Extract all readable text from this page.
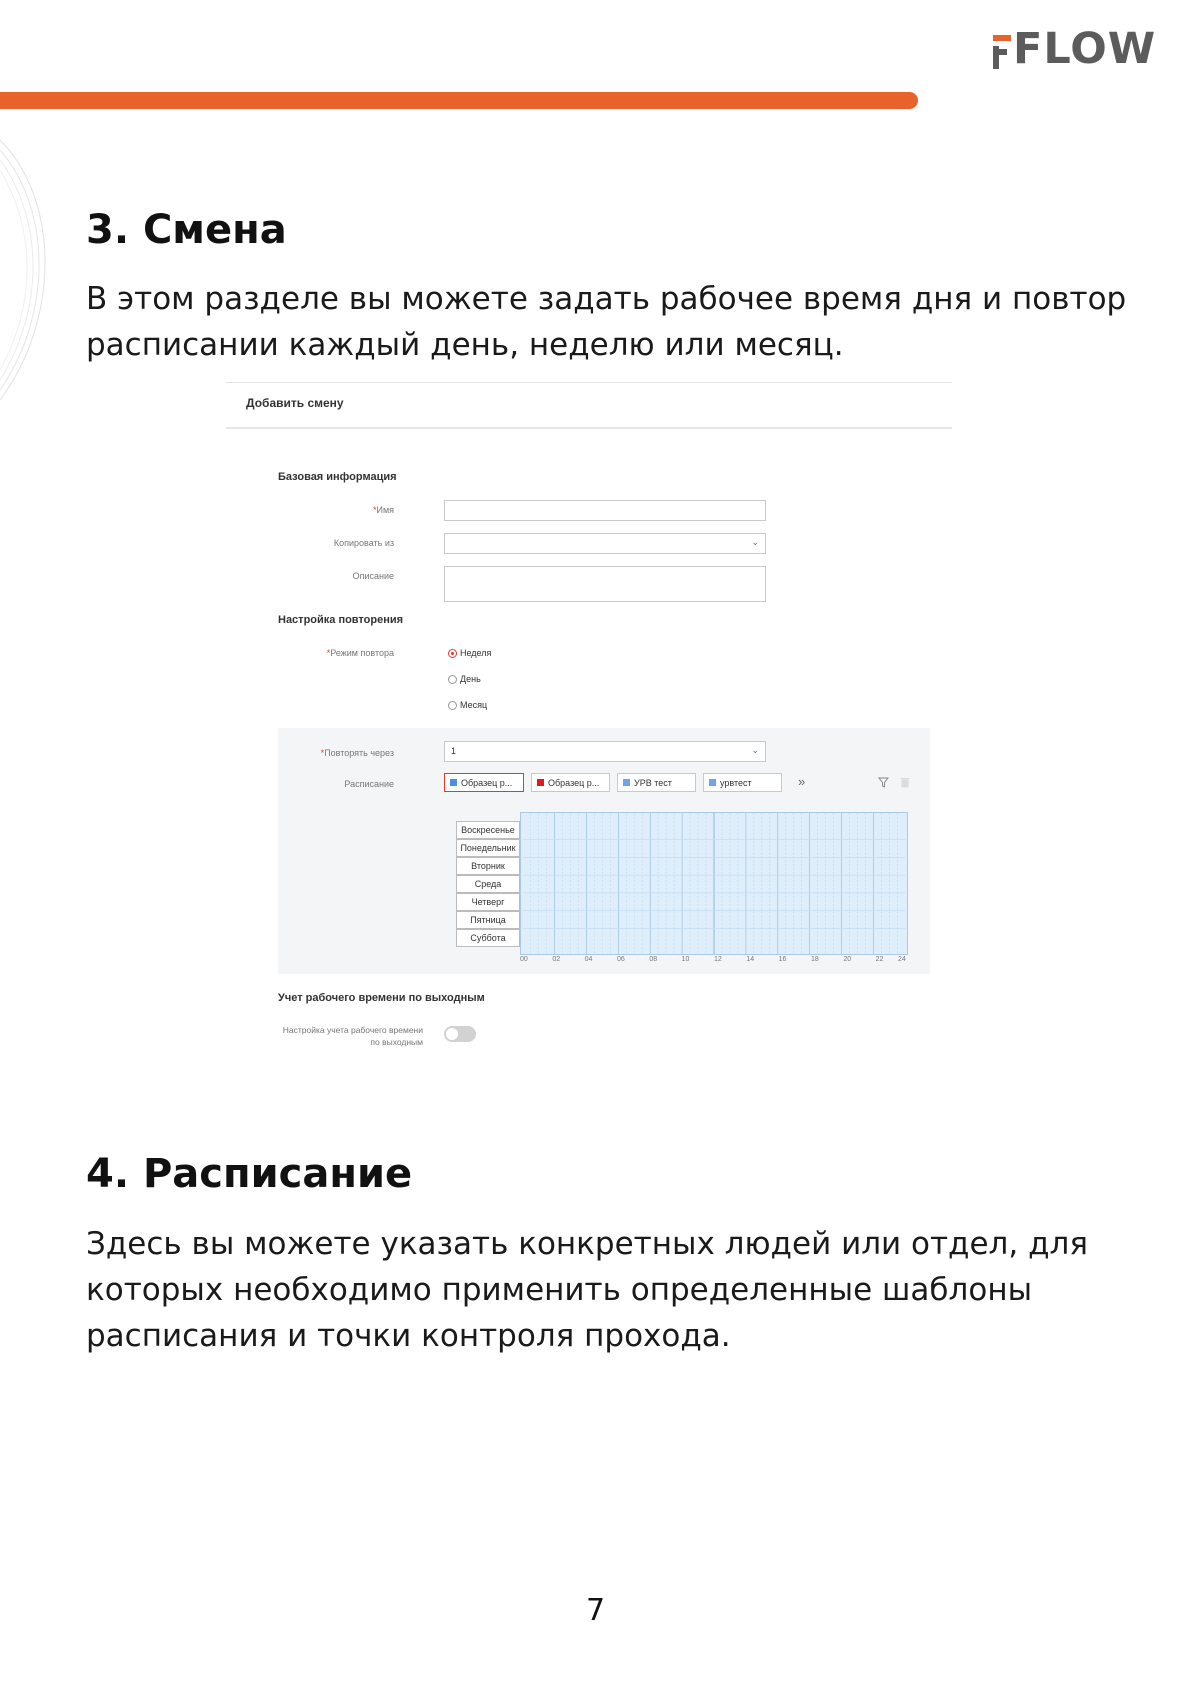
FLOW
3. Смена

В этом разделе вы можете задать рабочее время дня и повтор расписании каждый день, неделю или месяц.

Добавить смену
Базовая информация
*Имя
Копировать из	⌄
Описание
Настройка повторения
*Режим повтора	Неделя
День
Месяц
*Повторять через	1	⌄
Расписание	Образец р...	Образец р...	УРВ тест	урвтест	»
00	02	04	06	08	10	12	14	16	18	20	22 24
Воскресенье
Понедельник
Вторник
Среда
Четверг
Пятница
Суббота
00	02	04	06	08	10	12	14	16	18	20	22 24
Учет рабочего времени по выходным
Настройка учета рабочего времени
по выходным
4. Расписание

Здесь вы можете указать конкретных людей или отдел, для которых необходимо применить определенные шаблоны расписания и точки контроля прохода.

7
